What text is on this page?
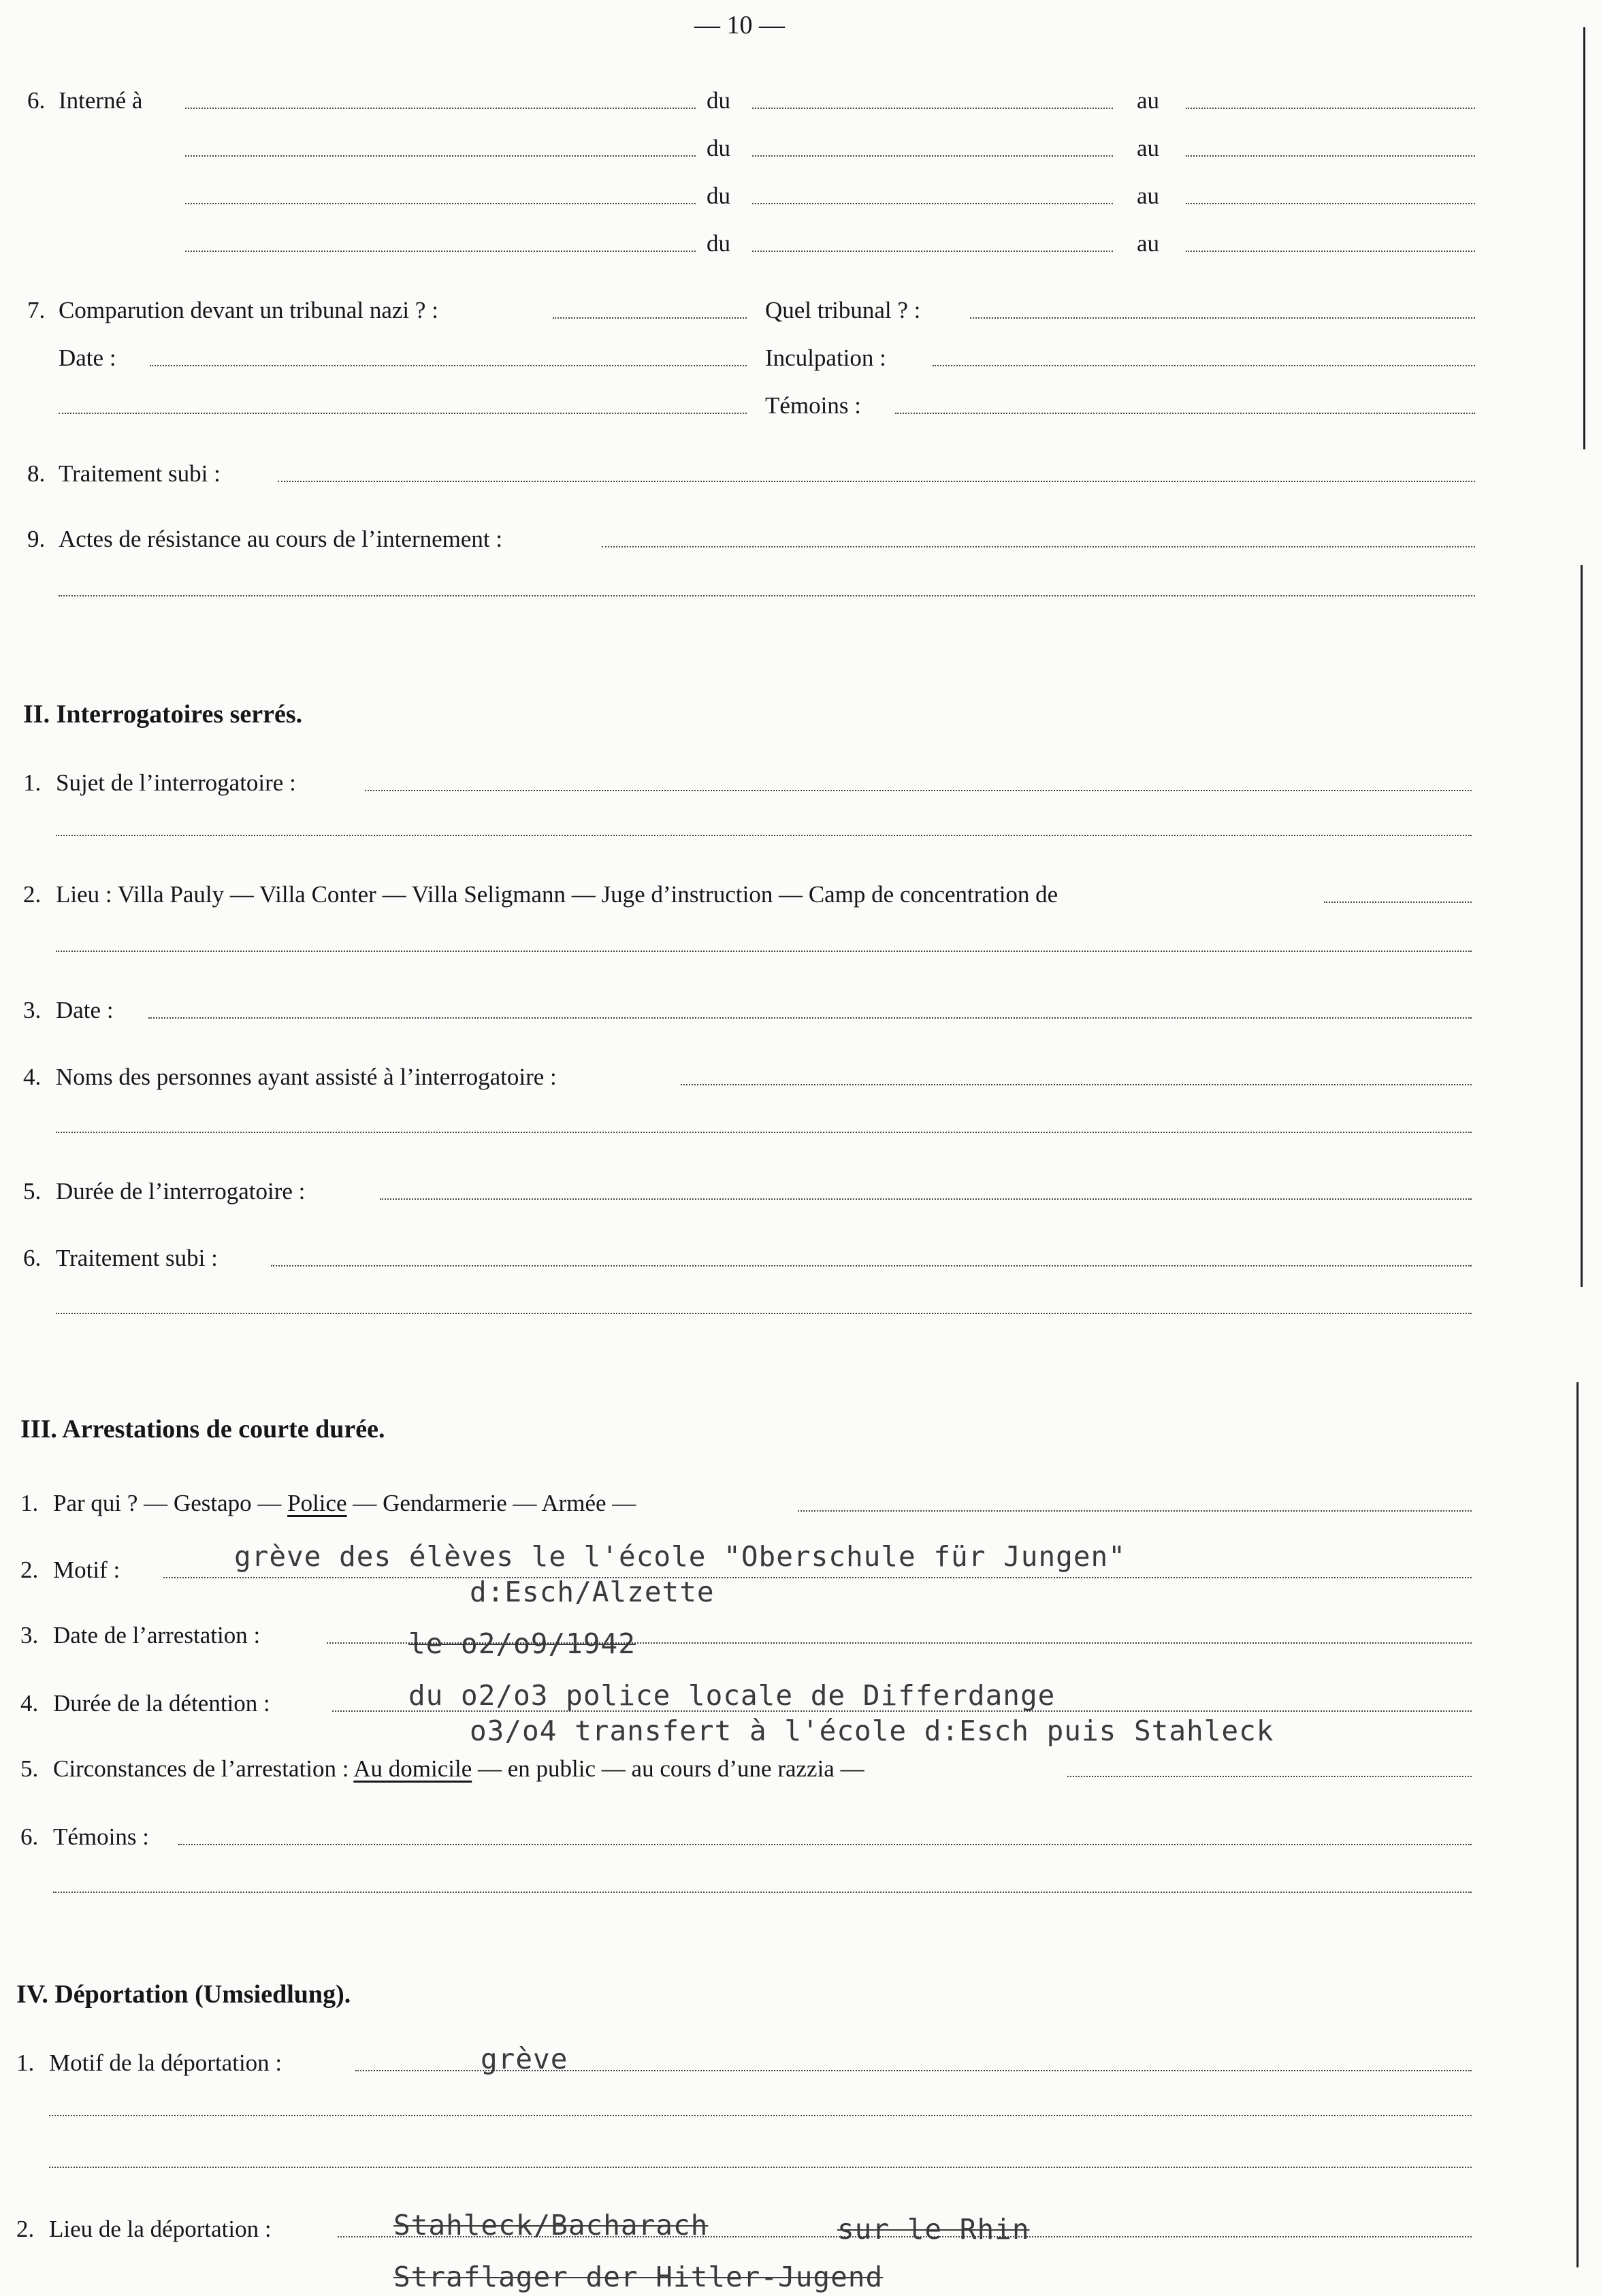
— 10 —
6. Interné à	du	au
du	au
du	au
du	au
7. Comparution devant un tribunal nazi ? :	Quel tribunal ? :
Date :	Inculpation :
Témoins :
8. Traitement subi :
9. Actes de résistance au cours de l’internement :
II. Interrogatoires serrés.
1. Sujet de l’interrogatoire :
2. Lieu : Villa Pauly — Villa Conter — Villa Seligmann — Juge d’instruction — Camp de concentration de
3. Date :
4. Noms des personnes ayant assisté à l’interrogatoire :
5. Durée de l’interrogatoire :
6. Traitement subi :
III. Arrestations de courte durée.
1. Par qui ? — Gestapo — Police — Gendarmerie — Armée —
2. Motif :	grève des élèves le l'école "Oberschule für Jungen"
d:Esch/Alzette
3. Date de l’arrestation :	le o2/o9/1942
4. Durée de la détention :	du o2/o3 police locale de Differdange
o3/o4 transfert à l'école d:Esch puis Stahleck
5. Circonstances de l’arrestation : Au domicile — en public — au cours d’une razzia —
6. Témoins :
IV. Déportation (Umsiedlung).
1. Motif de la déportation :	grève
2. Lieu de la déportation :	Stahleck/Bacharach	sur le Rhin
Straflager der Hitler-Jugend
